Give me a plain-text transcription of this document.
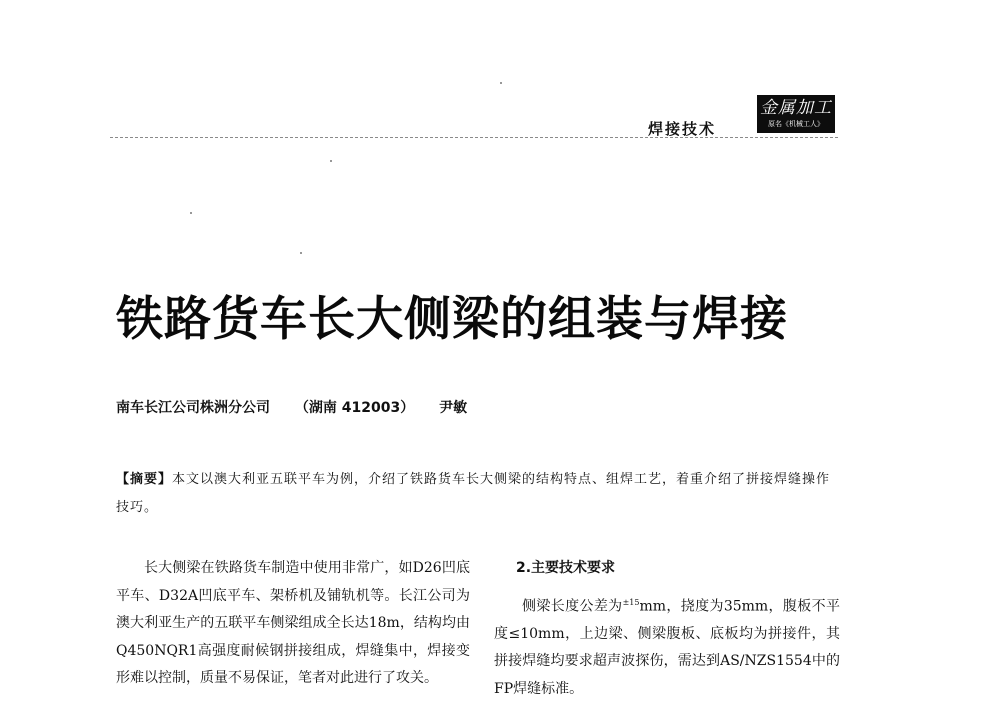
焊接技术
金属加工
原名《机械工人》
铁路货车长大侧梁的组装与焊接
南车长江公司株洲分公司 （湖南 412003） 尹敏
【摘要】本文以澳大利亚五联平车为例，介绍了铁路货车长大侧梁的结构特点、组焊工艺，着重介绍了拼接焊缝操作技巧。

长大侧梁在铁路货车制造中使用非常广，如D26凹底平车、D32A凹底平车、架桥机及铺轨机等。长江公司为澳大利亚生产的五联平车侧梁组成全长达18m，结构均由Q450NQR1高强度耐候钢拼接组成，焊缝集中，焊接变形难以控制，质量不易保证，笔者对此进行了攻关。

2.主要技术要求

侧梁长度公差为$^{\pm 15}$mm，挠度为35mm，腹板不平度≤10mm，上边梁、侧梁腹板、底板均为拼接件，其拼接焊缝均要求超声波探伤，需达到AS/NZS1554中的FP焊缝标准。
